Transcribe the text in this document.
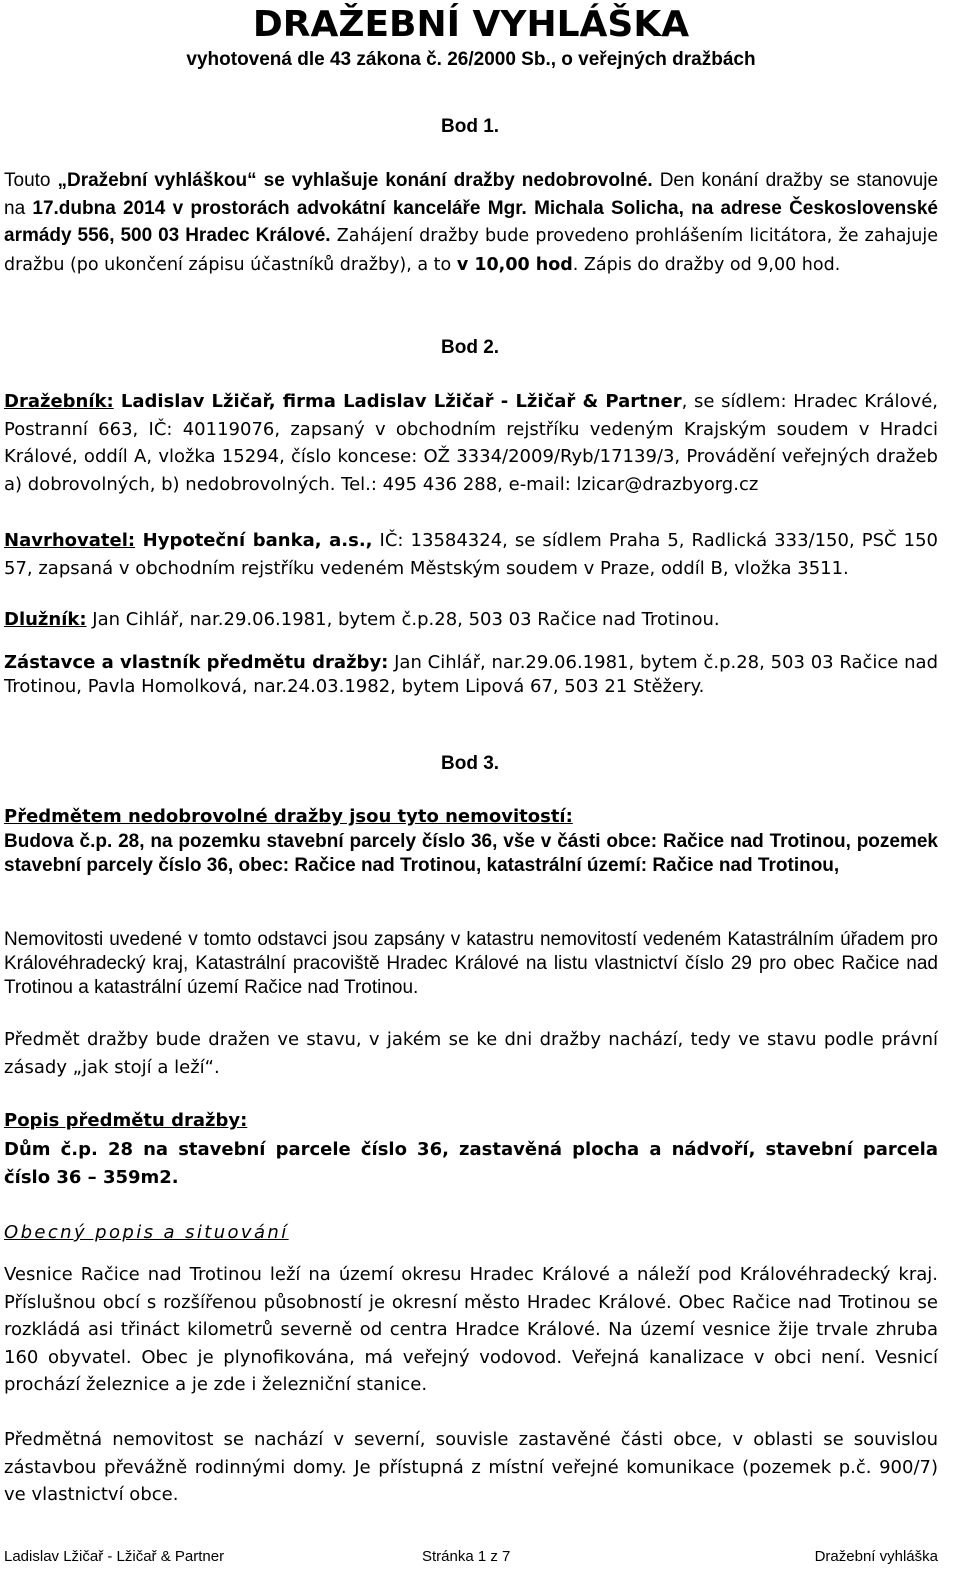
DRAŽEBNÍ VYHLÁŠKA
vyhotovená dle 43 zákona č. 26/2000 Sb., o veřejných dražbách
Bod 1.
Touto „Dražební vyhláškou“ se vyhlašuje konání dražby nedobrovolné. Den konání dražby se stanovuje na 17.dubna 2014 v prostorách advokátní kanceláře Mgr. Michala Solicha, na adrese Československé armády 556, 500 03 Hradec Králové. Zahájení dražby bude provedeno prohlášením licitátora, že zahajuje dražbu (po ukončení zápisu účastníků dražby), a to v 10,00 hod. Zápis do dražby od 9,00 hod.
Bod 2.
Dražebník: Ladislav Lžičař, firma Ladislav Lžičař - Lžičař & Partner, se sídlem: Hradec Králové, Postranní 663, IČ: 40119076, zapsaný v obchodním rejstříku vedeným Krajským soudem v Hradci Králové, oddíl A, vložka 15294, číslo koncese: OŽ 3334/2009/Ryb/17139/3, Provádění veřejných dražeb a) dobrovolných, b) nedobrovolných. Tel.: 495 436 288, e-mail: lzicar@drazbyorg.cz
Navrhovatel: Hypoteční banka, a.s., IČ: 13584324, se sídlem Praha 5, Radlická 333/150, PSČ 150 57, zapsaná v obchodním rejstříku vedeném Městským soudem v Praze, oddíl B, vložka 3511.
Dlužník: Jan Cihlář, nar.29.06.1981, bytem č.p.28, 503 03 Račice nad Trotinou.
Zástavce a vlastník předmětu dražby: Jan Cihlář, nar.29.06.1981, bytem č.p.28, 503 03 Račice nad Trotinou, Pavla Homolková, nar.24.03.1982, bytem Lipová 67, 503 21 Stěžery.
Bod 3.
Předmětem nedobrovolné dražby jsou tyto nemovitostí:
Budova č.p. 28, na pozemku stavební parcely číslo 36, vše v části obce: Račice nad Trotinou, pozemek stavební parcely číslo 36, obec: Račice nad Trotinou, katastrální území: Račice nad Trotinou,
Nemovitosti uvedené v tomto odstavci jsou zapsány v katastru nemovitostí vedeném Katastrálním úřadem pro Královéhradecký kraj, Katastrální pracoviště Hradec Králové na listu vlastnictví číslo 29 pro obec Račice nad Trotinou a katastrální území Račice nad Trotinou.
Předmět dražby bude dražen ve stavu, v jakém se ke dni dražby nachází, tedy ve stavu podle právní zásady „jak stojí a leží“.
Popis předmětu dražby:
Dům č.p. 28 na stavební parcele číslo 36, zastavěná plocha a nádvoří, stavební parcela číslo 36 – 359m2.
Obecný popis a situování
Vesnice Račice nad Trotinou leží na území okresu Hradec Králové a náleží pod Královéhradecký kraj. Příslušnou obcí s rozšířenou působností je okresní město Hradec Králové. Obec Račice nad Trotinou se rozkládá asi třináct kilometrů severně od centra Hradce Králové. Na území vesnice žije trvale zhruba 160 obyvatel. Obec je plynofikována, má veřejný vodovod. Veřejná kanalizace v obci není. Vesnicí prochází železnice a je zde i železniční stanice.
Předmětná nemovitost se nachází v severní, souvisle zastavěné části obce, v oblasti se souvislou zástavbou převážně rodinnými domy. Je přístupná z místní veřejné komunikace (pozemek p.č. 900/7) ve vlastnictví obce.
Ladislav Lžičař - Lžičař & Partner	Stránka 1 z 7	Dražební vyhláška
